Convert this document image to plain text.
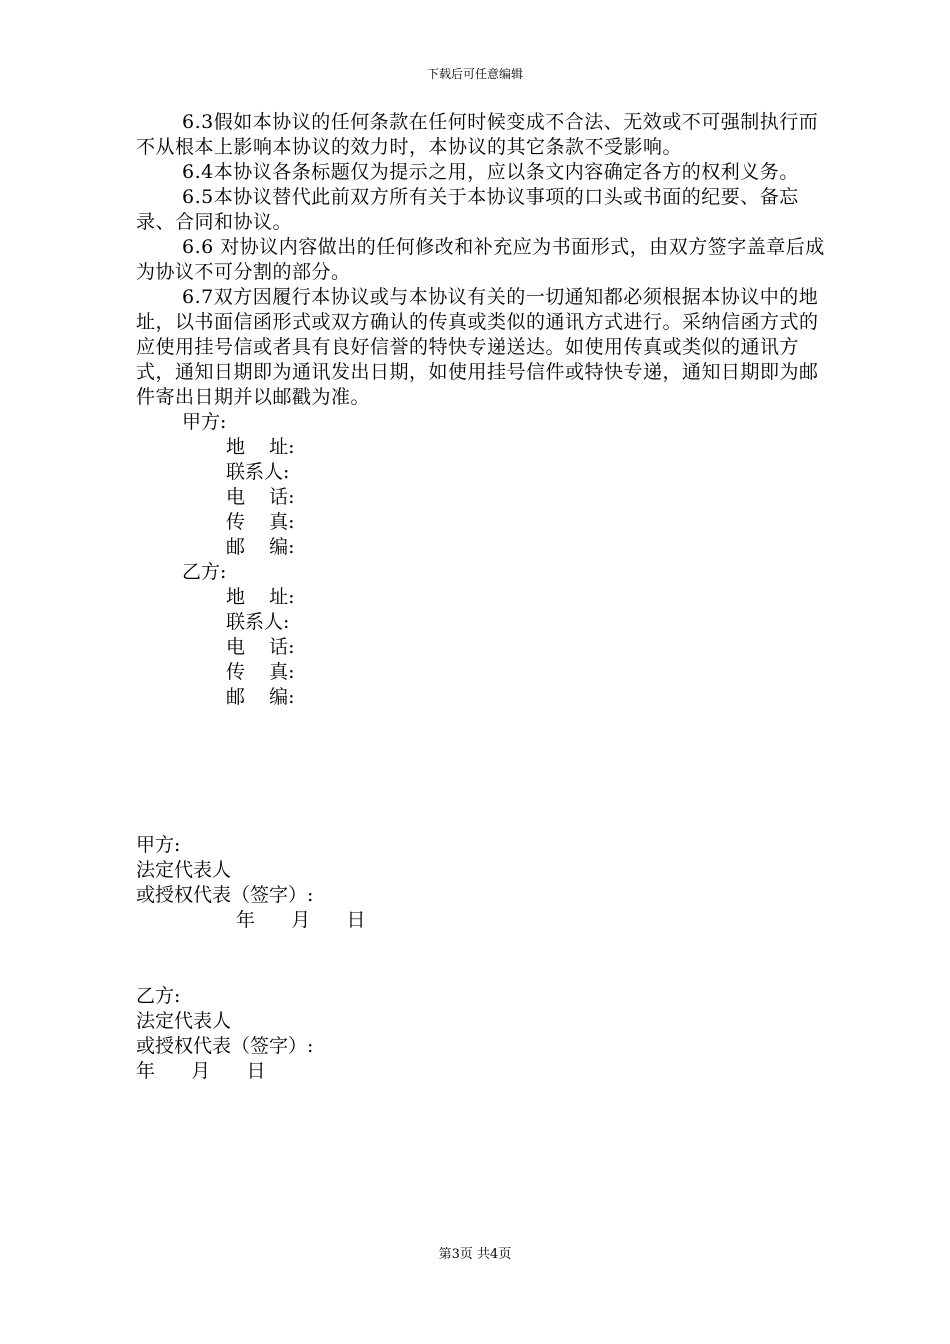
下载后可任意编辑

6.3假如本协议的任何条款在任何时候变成不合法、无效或不可强制执行而不从根本上影响本协议的效力时，本协议的其它条款不受影响。

6.4本协议各条标题仅为提示之用，应以条文内容确定各方的权利义务。

6.5本协议替代此前双方所有关于本协议事项的口头或书面的纪要、备忘录、合同和协议。

6.6 对协议内容做出的任何修改和补充应为书面形式，由双方签字盖章后成为协议不可分割的部分。

6.7双方因履行本协议或与本协议有关的一切通知都必须根据本协议中的地址，以书面信函形式或双方确认的传真或类似的通讯方式进行。采纳信函方式的应使用挂号信或者具有良好信誉的特快专递送达。如使用传真或类似的通讯方式，通知日期即为通讯发出日期，如使用挂号信件或特快专递，通知日期即为邮件寄出日期并以邮戳为准。

甲方:

地    址:

联系人:

电    话:

传    真:

邮    编:

乙方:

地    址:

联系人:

电    话:

传    真:

邮    编:

甲方:
法定代表人
或授权代表（签字）:
年      月      日
乙方:
法定代表人
或授权代表（签字）:
年      月      日
第3页 共4页
